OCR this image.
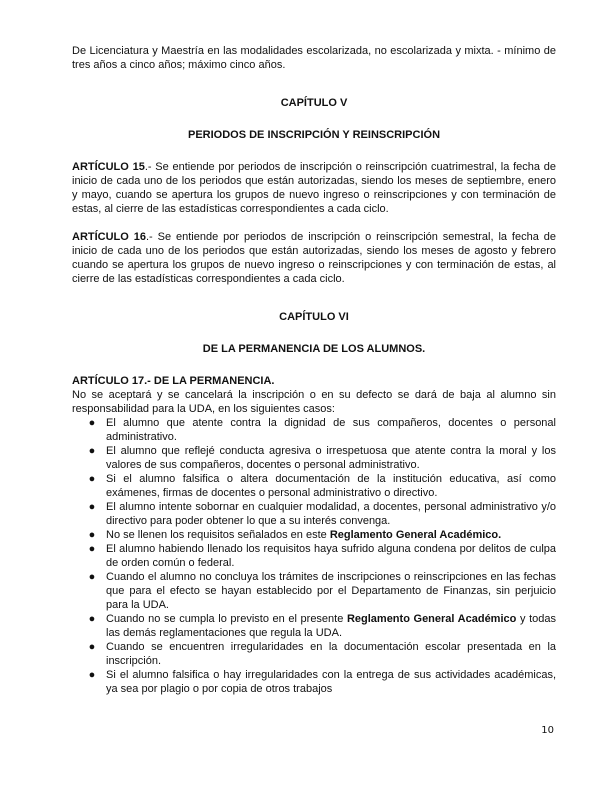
De Licenciatura y Maestría en las modalidades escolarizada, no escolarizada y mixta. - mínimo de tres años a cinco años; máximo cinco años.

CAPÍTULO V

PERIODOS DE INSCRIPCIÓN Y REINSCRIPCIÓN

ARTÍCULO 15.- Se entiende por periodos de inscripción o reinscripción cuatrimestral, la fecha de inicio de cada uno de los periodos que están autorizadas, siendo los meses de septiembre, enero y mayo, cuando se apertura los grupos de nuevo ingreso o reinscripciones y con terminación de estas, al cierre de las estadísticas correspondientes a cada ciclo.

ARTÍCULO 16.- Se entiende por periodos de inscripción o reinscripción semestral, la fecha de inicio de cada uno de los periodos que están autorizadas, siendo los meses de agosto y febrero cuando se apertura los grupos de nuevo ingreso o reinscripciones y con terminación de estas, al cierre de las estadísticas correspondientes a cada ciclo.

CAPÍTULO VI

DE LA PERMANENCIA DE LOS ALUMNOS.

ARTÍCULO 17.- DE LA PERMANENCIA.

No se aceptará y se cancelará la inscripción o en su defecto se dará de baja al alumno sin responsabilidad para la UDA, en los siguientes casos:

● El alumno que atente contra la dignidad de sus compañeros, docentes o personal administrativo.
● El alumno que reflejé conducta agresiva o irrespetuosa que atente contra la moral y los valores de sus compañeros, docentes o personal administrativo.
● Si el alumno falsifica o altera documentación de la institución educativa, así como exámenes, firmas de docentes o personal administrativo o directivo.
● El alumno intente sobornar en cualquier modalidad, a docentes, personal administrativo y/o directivo para poder obtener lo que a su interés convenga.
● No se llenen los requisitos señalados en este Reglamento General Académico.
● El alumno habiendo llenado los requisitos haya sufrido alguna condena por delitos de culpa de orden común o federal.
● Cuando el alumno no concluya los trámites de inscripciones o reinscripciones en las fechas que para el efecto se hayan establecido por el Departamento de Finanzas, sin perjuicio para la UDA.
● Cuando no se cumpla lo previsto en el presente Reglamento General Académico y todas las demás reglamentaciones que regula la UDA.
● Cuando se encuentren irregularidades en la documentación escolar presentada en la inscripción.
● Si el alumno falsifica o hay irregularidades con la entrega de sus actividades académicas, ya sea por plagio o por copia de otros trabajos
10
